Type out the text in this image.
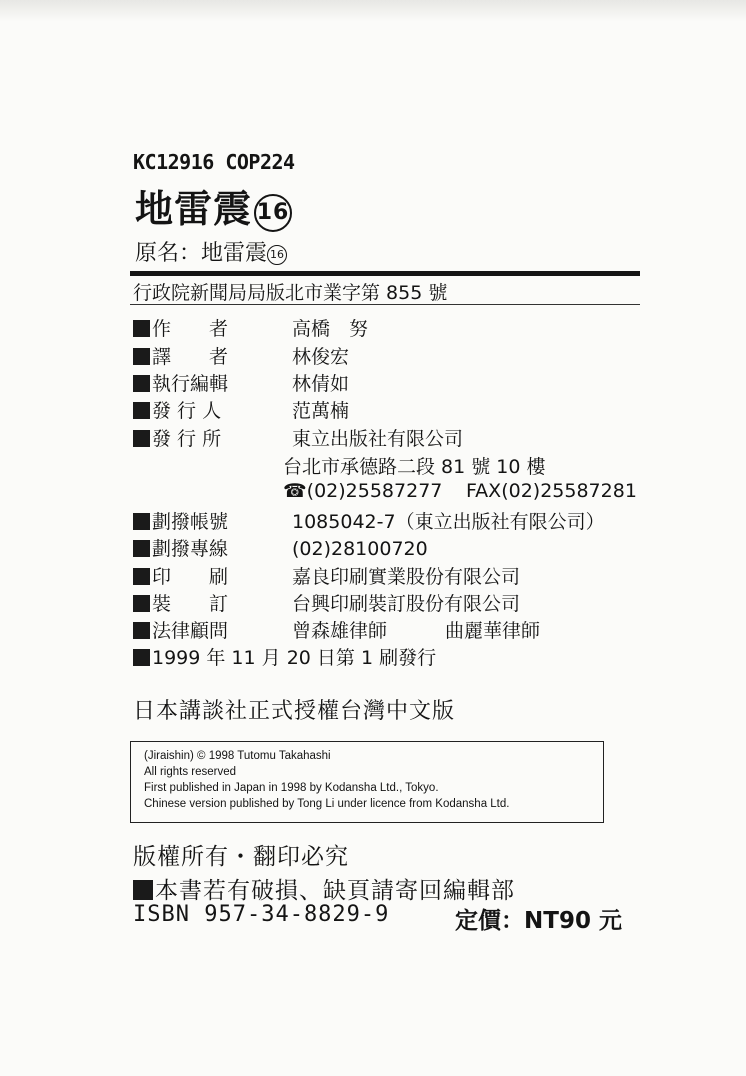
KC12916 COP224
地雷震 16
原名：地雷震 16
行政院新聞局局版北市業字第 855 號
作　　者	高橋　努
譯　　者	林俊宏
執行編輯	林倩如
發 行 人	范萬楠
發 行 所	東立出版社有限公司
台北市承德路二段 81 號 10 樓
☎(02)25587277 FAX(02)25587281
劃撥帳號	1085042-7（東立出版社有限公司）
劃撥專線	(02)28100720
印　　刷	嘉良印刷實業股份有限公司
裝　　訂	台興印刷裝訂股份有限公司
法律顧問	曾森雄律師	曲麗華律師
1999 年 11 月 20 日第 1 刷發行
日本講談社正式授權台灣中文版
(Jiraishin) © 1998 Tutomu Takahashi
All rights reserved
First published in Japan in 1998 by Kodansha Ltd., Tokyo.
Chinese version published by Tong Li under licence from Kodansha Ltd.
版權所有・翻印必究
本書若有破損、缺頁請寄回編輯部
ISBN 957-34-8829-9	定價：NT90 元
